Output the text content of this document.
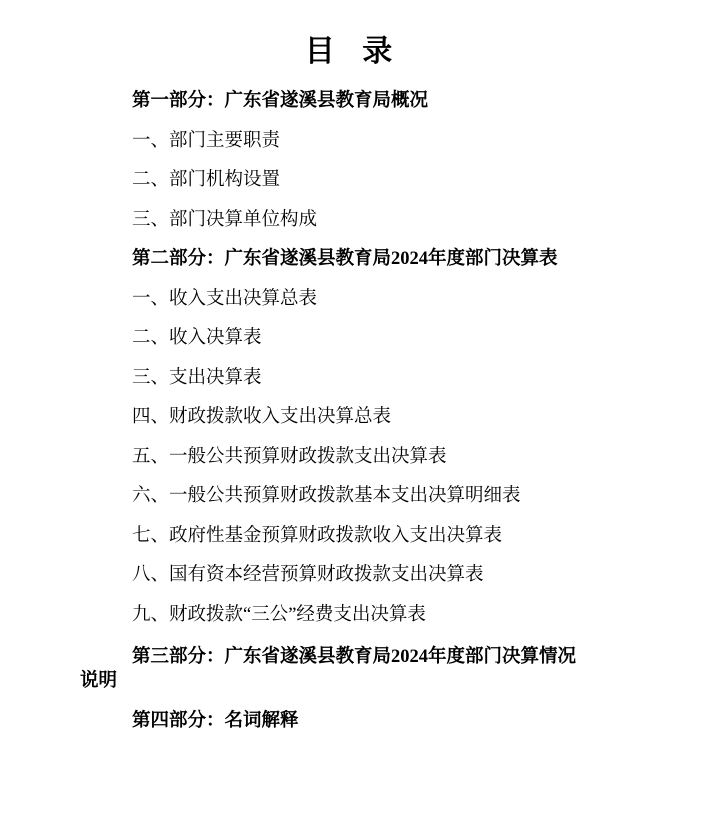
目 录
第一部分：广东省遂溪县教育局概况
一、部门主要职责
二、部门机构设置
三、部门决算单位构成
第二部分：广东省遂溪县教育局2024年度部门决算表
一、收入支出决算总表
二、收入决算表
三、支出决算表
四、财政拨款收入支出决算总表
五、一般公共预算财政拨款支出决算表
六、一般公共预算财政拨款基本支出决算明细表
七、政府性基金预算财政拨款收入支出决算表
八、国有资本经营预算财政拨款支出决算表
九、财政拨款“三公”经费支出决算表
第三部分：广东省遂溪县教育局2024年度部门决算情况
说明
第四部分：名词解释
